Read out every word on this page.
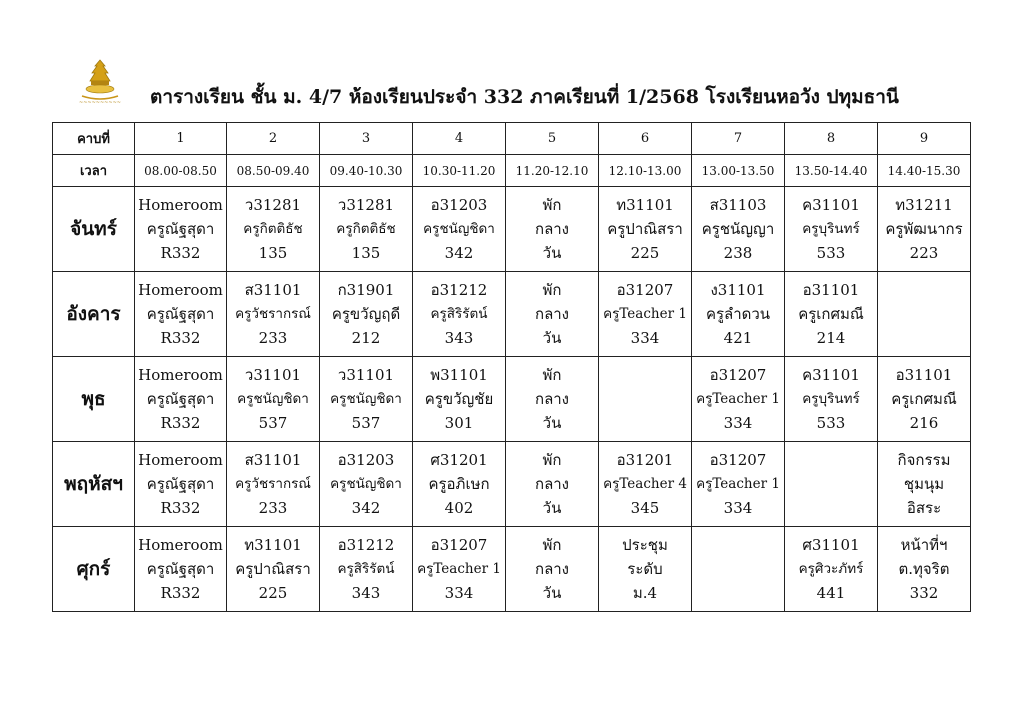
~~~~~~~~~~ ตารางเรียน ชั้น ม. 4/7 ห้องเรียนประจำ 332 ภาคเรียนที่ 1/2568 โรงเรียนหอวัง ปทุมธานี
คาบที่	1	2	3	4	5	6	7	8	9
เวลา	08.00-08.50	08.50-09.40	09.40-10.30	10.30-11.20	11.20-12.10	12.10-13.00	13.00-13.50	13.50-14.40	14.40-15.30
จันทร์	Homeroom
ครูณัฐสุดา
R332	ว31281
ครูกิตติธัช
135	ว31281
ครูกิตติธัช
135	อ31203
ครูชนัญชิดา
342	พัก
กลาง
วัน	ท31101
ครูปาณิสรา
225	ส31103
ครูชนัญญา
238	ค31101
ครูบุรินทร์
533	ท31211
ครูพัฒนากร
223

อังคาร	Homeroom
ครูณัฐสุดา
R332	ส31101
ครูวัชรากรณ์
233	ก31901
ครูขวัญฤดี
212	อ31212
ครูสิริรัตน์
343	พัก
กลาง
วัน	อ31207
ครูTeacher 1
334	ง31101
ครูลำดวน
421	อ31101
ครูเกศมณี
214	

พุธ	Homeroom
ครูณัฐสุดา
R332	ว31101
ครูชนัญชิดา
537	ว31101
ครูชนัญชิดา
537	พ31101
ครูขวัญชัย
301	พัก
กลาง
วัน		อ31207
ครูTeacher 1
334	ค31101
ครูบุรินทร์
533	อ31101
ครูเกศมณี
216

พฤหัสฯ	Homeroom
ครูณัฐสุดา
R332	ส31101
ครูวัชรากรณ์
233	อ31203
ครูชนัญชิดา
342	ศ31201
ครูอภิเษก
402	พัก
กลาง
วัน	อ31201
ครูTeacher 4
345	อ31207
ครูTeacher 1
334		กิจกรรม
ชุมนุม
อิสระ

ศุกร์	Homeroom
ครูณัฐสุดา
R332	ท31101
ครูปาณิสรา
225	อ31212
ครูสิริรัตน์
343	อ31207
ครูTeacher 1
334	พัก
กลาง
วัน	ประชุม
ระดับ
ม.4		ศ31101
ครูศิวะภัทร์
441	หน้าที่ฯ
ต.ทุจริต
332
